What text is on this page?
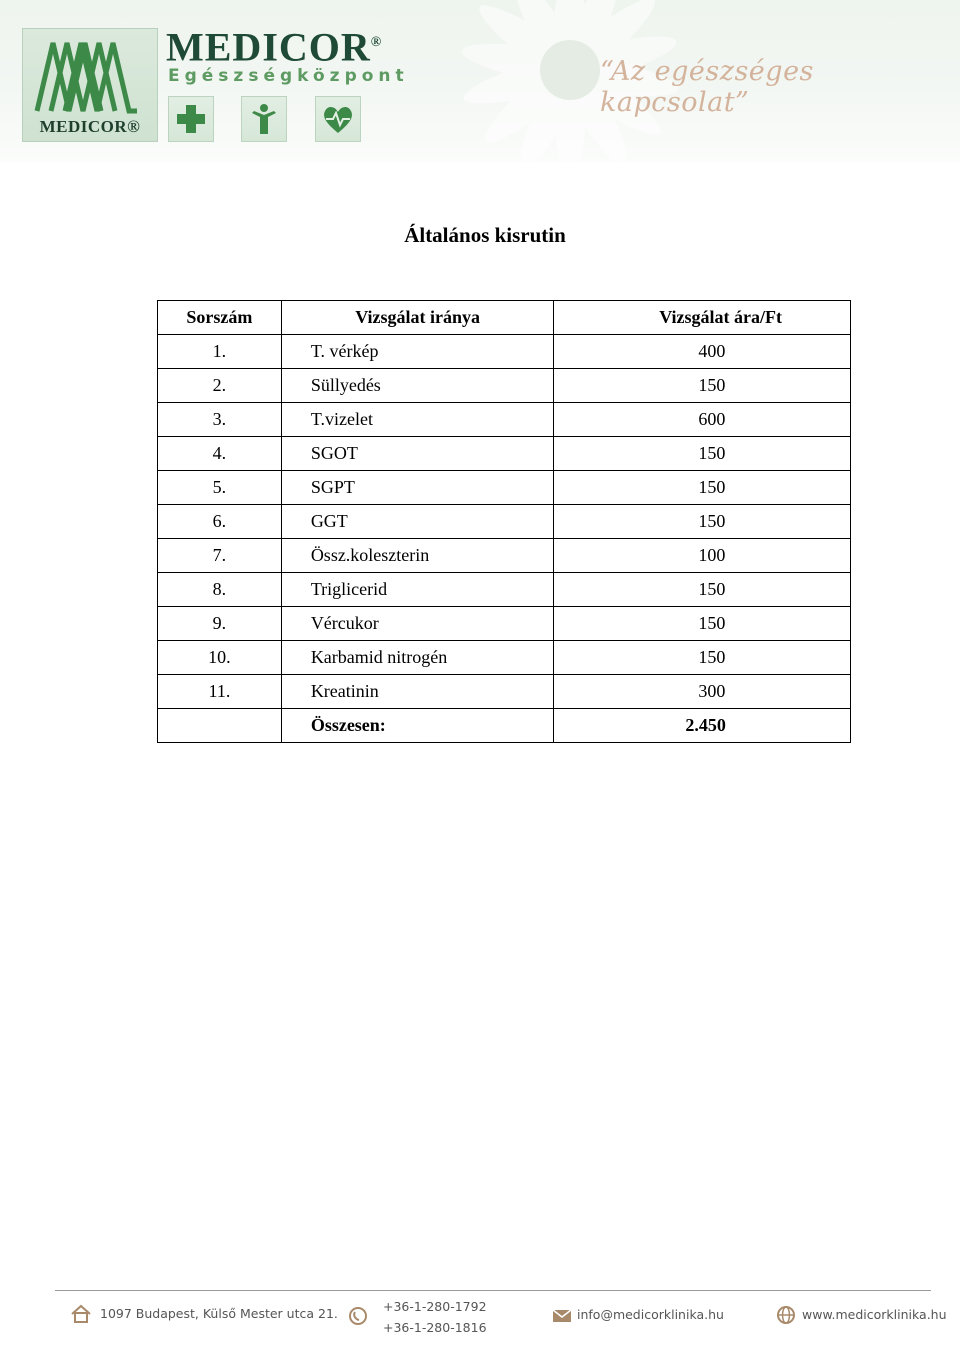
MEDICOR®
MEDICOR®
Egészségközpont	“Az egészséges kapcsolat”
Általános kisrutin
Sorszám	Vizsgálat iránya	Vizsgálat ára/Ft
1.	T. vérkép	400
2.	Süllyedés	150
3.	T.vizelet	600
4.	SGOT	150
5.	SGPT	150
6.	GGT	150
7.	Össz.koleszterin	100
8.	Triglicerid	150
9.	Vércukor	150
10.	Karbamid nitrogén	150
11.	Kreatinin	300
	Összesen:	2.450
1097 Budapest, Külső Mester utca 21.	+36-1-280-1792
+36-1-280-1816
info@medicorklinika.hu	www.medicorklinika.hu
